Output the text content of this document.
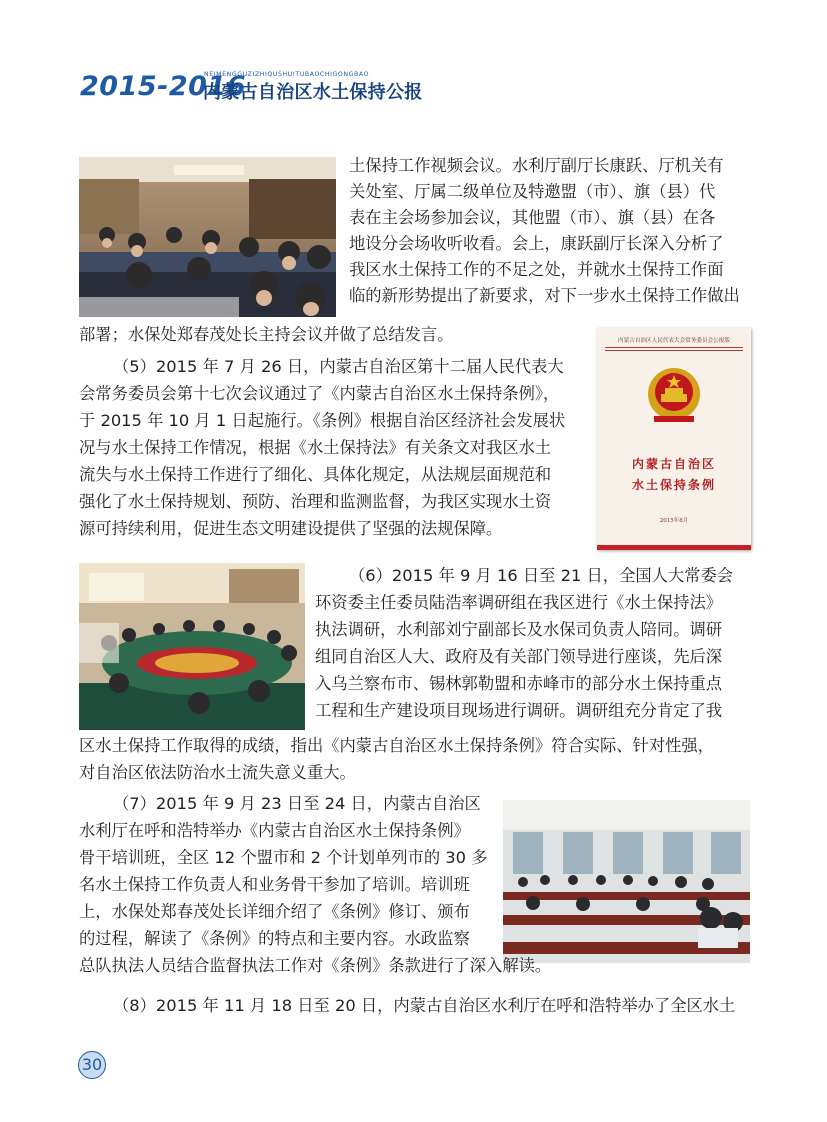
2015-2016
NEIMENGGUZIZHIQUSHUITUBAOCHIGONGBAO
内蒙古自治区水土保持公报
土保持工作视频会议。水利厅副厅长康跃、厅机关有
关处室、厅属二级单位及特邀盟（市）、旗（县）代
表在主会场参加会议，其他盟（市）、旗（县）在各
地设分会场收听收看。会上，康跃副厅长深入分析了
我区水土保持工作的不足之处，并就水土保持工作面
临的新形势提出了新要求，对下一步水土保持工作做出
部署；水保处郑春茂处长主持会议并做了总结发言。	内蒙古自治区人民代表大会常务委员会公报版
内蒙古自治区
水土保持条例
2015年8月
（5）2015 年 7 月 26 日，内蒙古自治区第十二届人民代表大
会常务委员会第十七次会议通过了《内蒙古自治区水土保持条例》，
于 2015 年 10 月 1 日起施行。《条例》根据自治区经济社会发展状
况与水土保持工作情况，根据《水土保持法》有关条文对我区水土
流失与水土保持工作进行了细化、具体化规定，从法规层面规范和
强化了水土保持规划、预防、治理和监测监督，为我区实现水土资
源可持续利用，促进生态文明建设提供了坚强的法规保障。
（6）2015 年 9 月 16 日至 21 日，全国人大常委会
环资委主任委员陆浩率调研组在我区进行《水土保持法》
执法调研，水利部刘宁副部长及水保司负责人陪同。调研
组同自治区人大、政府及有关部门领导进行座谈，先后深
入乌兰察布市、锡林郭勒盟和赤峰市的部分水土保持重点
工程和生产建设项目现场进行调研。调研组充分肯定了我
区水土保持工作取得的成绩，指出《内蒙古自治区水土保持条例》符合实际、针对性强，
对自治区依法防治水土流失意义重大。
（7）2015 年 9 月 23 日至 24 日，内蒙古自治区
水利厅在呼和浩特举办《内蒙古自治区水土保持条例》
骨干培训班，全区 12 个盟市和 2 个计划单列市的 30 多
名水土保持工作负责人和业务骨干参加了培训。培训班
上，水保处郑春茂处长详细介绍了《条例》修订、颁布
的过程，解读了《条例》的特点和主要内容。水政监察
总队执法人员结合监督执法工作对《条例》条款进行了深入解读。
（8）2015 年 11 月 18 日至 20 日，内蒙古自治区水利厅在呼和浩特举办了全区水土
30
